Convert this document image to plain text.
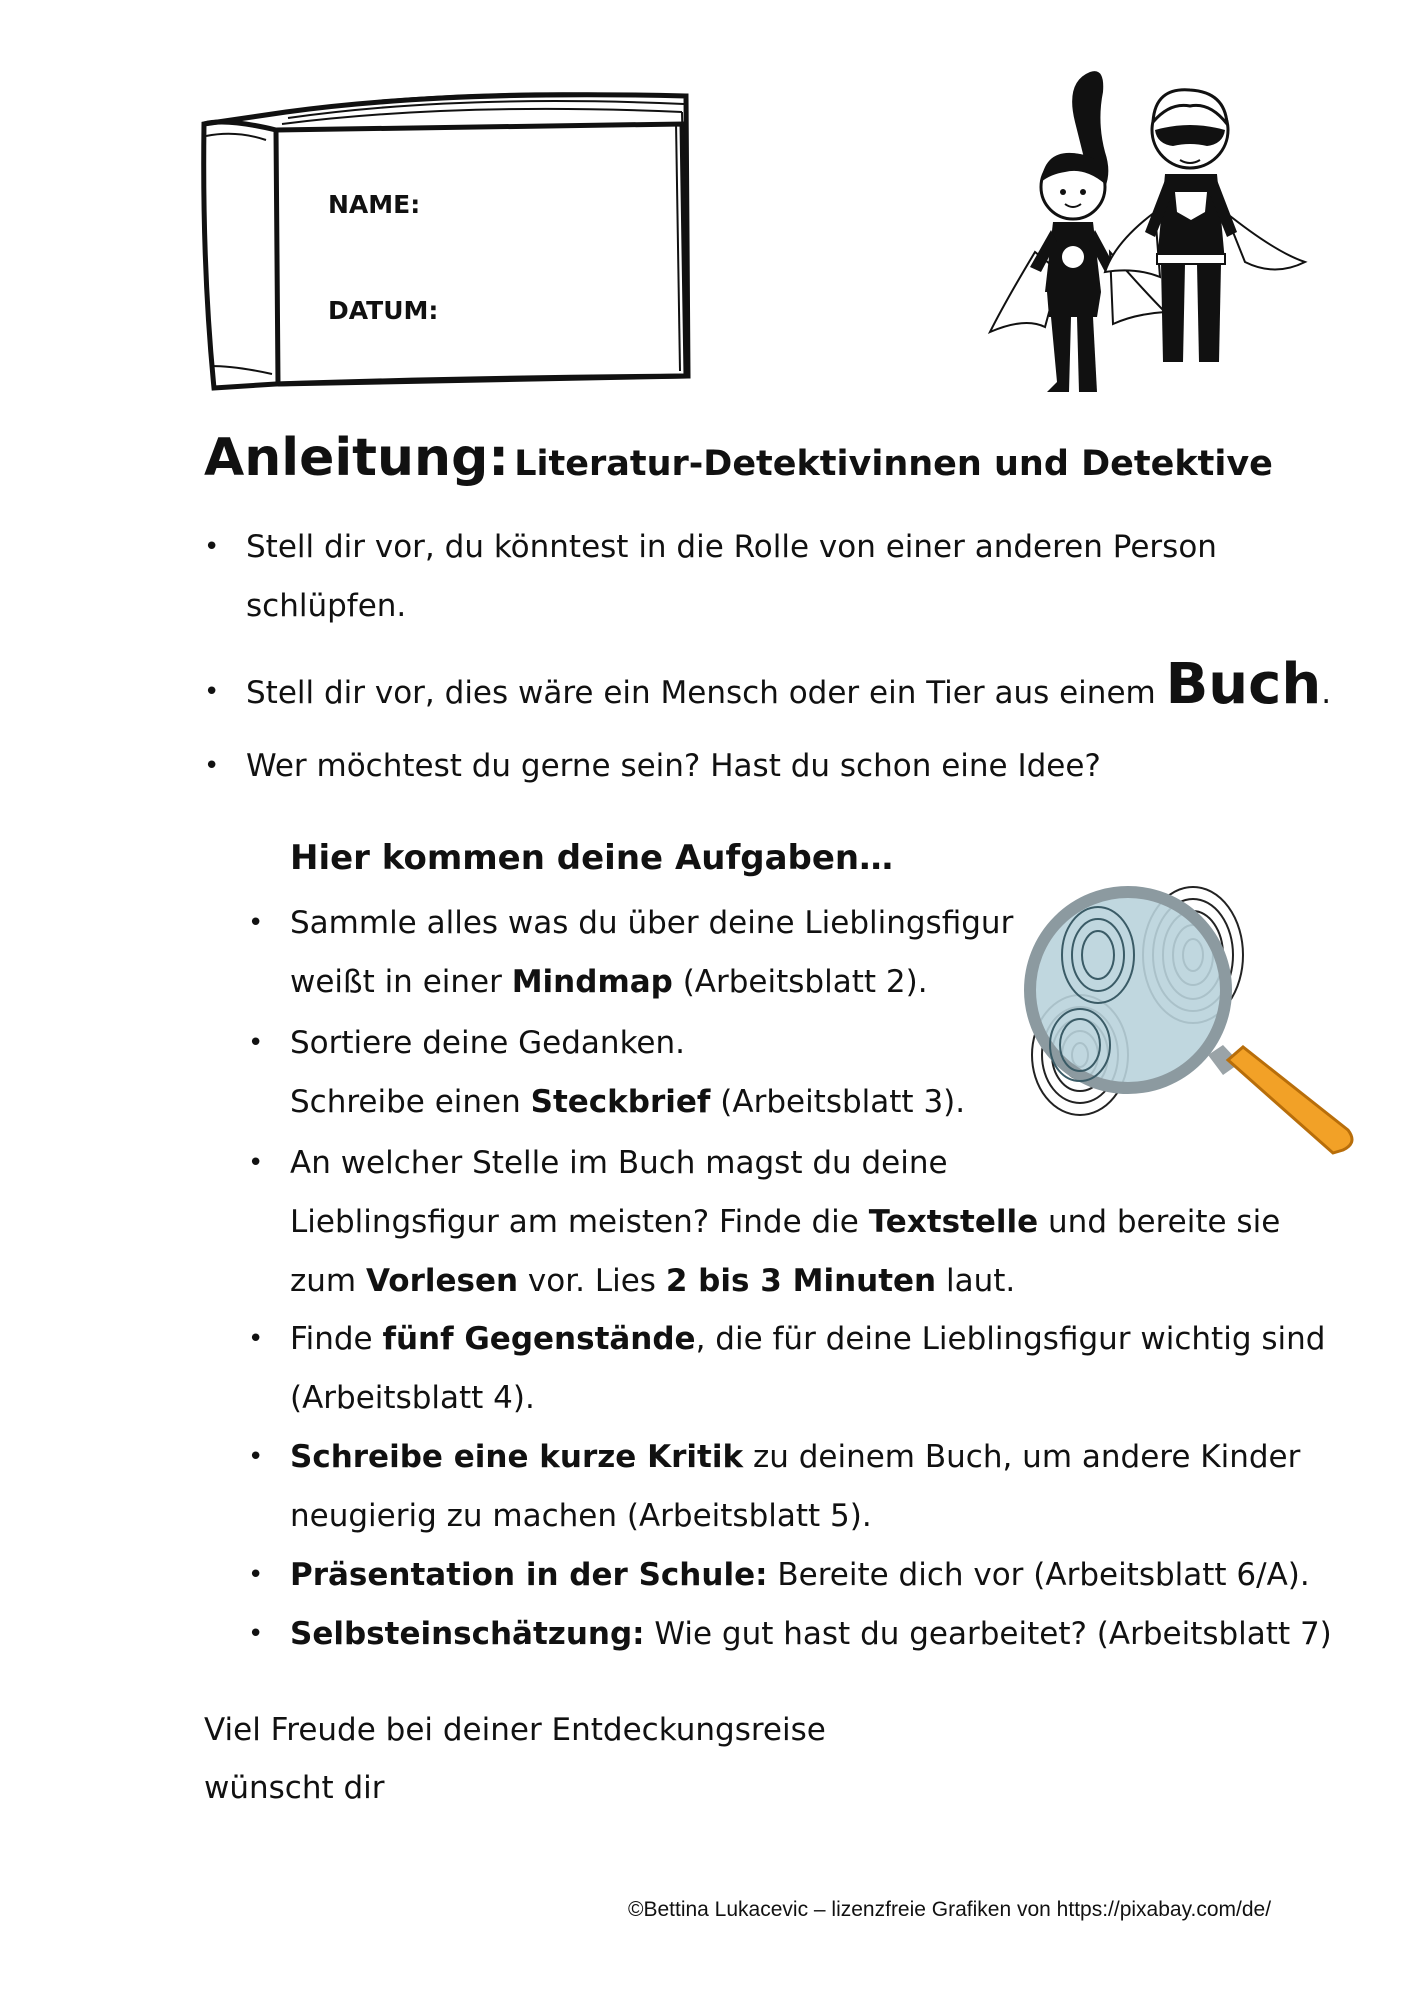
NAME:
DATUM:
Anleitung: Literatur-Detektivinnen und Detektive
• Stell dir vor, du könntest in die Rolle von einer anderen Person
schlüpfen.
• Stell dir vor, dies wäre ein Mensch oder ein Tier aus einem Buch.
• Wer möchtest du gerne sein? Hast du schon eine Idee?
Hier kommen deine Aufgaben…
• Sammle alles was du über deine Lieblingsfigur
weißt in einer Mindmap (Arbeitsblatt 2).
• Sortiere deine Gedanken.
Schreibe einen Steckbrief (Arbeitsblatt 3).
• An welcher Stelle im Buch magst du deine
Lieblingsfigur am meisten? Finde die Textstelle und bereite sie
zum Vorlesen vor. Lies 2 bis 3 Minuten laut.
• Finde fünf Gegenstände, die für deine Lieblingsfigur wichtig sind
(Arbeitsblatt 4).
• Schreibe eine kurze Kritik zu deinem Buch, um andere Kinder
neugierig zu machen (Arbeitsblatt 5).
• Präsentation in der Schule: Bereite dich vor (Arbeitsblatt 6/A).
• Selbsteinschätzung: Wie gut hast du gearbeitet? (Arbeitsblatt 7)
Viel Freude bei deiner Entdeckungsreise
wünscht dir
©Bettina Lukacevic – lizenzfreie Grafiken von https://pixabay.com/de/
